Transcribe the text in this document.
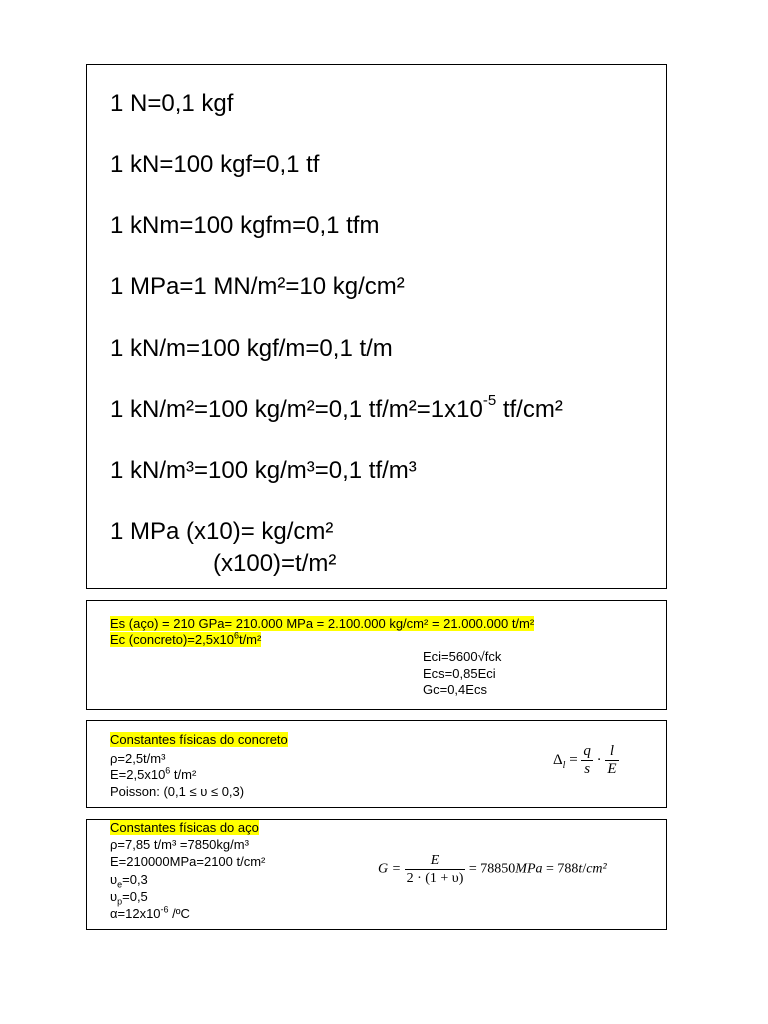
1 N=0,1 kgf
1 kN=100 kgf=0,1 tf
1 kNm=100 kgfm=0,1 tfm
1 MPa=1 MN/m²=10 kg/cm²
1 kN/m=100 kgf/m=0,1 t/m
1 kN/m²=100 kg/m²=0,1 $tf/m^2=1x10^{-5}$ tf/cm²
1 kN/m³=100 kg/m³=0,1 tf/m³
1 MPa (x10)= kg/cm²
(x100)=t/m²
Es (aço) = 210 GPa= 210.000 MPa = 2.100.000 kg/cm² = 21.000.000 t/m²
Ec $(concreto)=2,5x10^6t/m^2$
Eci=5600√fck
Ecs=0,85Eci
Gc=0,4Ecs
Constantes físicas do concreto
ρ=2,5t/m³
$E=2,5x10^6$ t/m²
Poisson: (0,1 ≤ υ ≤ 0,3)
$\Delta_l = \frac{q}{s} \cdot \frac{l}{E}$
Constantes físicas do aço
ρ=7,85 t/m³ =7850kg/m³
E=210000MPa=2100 t/cm²
$\upsilon_e=0,3$
$\upsilon_p=0,5$
$\alpha=12x10^{-6}$ /ºC
$G = \frac{E}{2 \cdot (1 + \upsilon)} = 78850MPa = 788t/cm^2$
